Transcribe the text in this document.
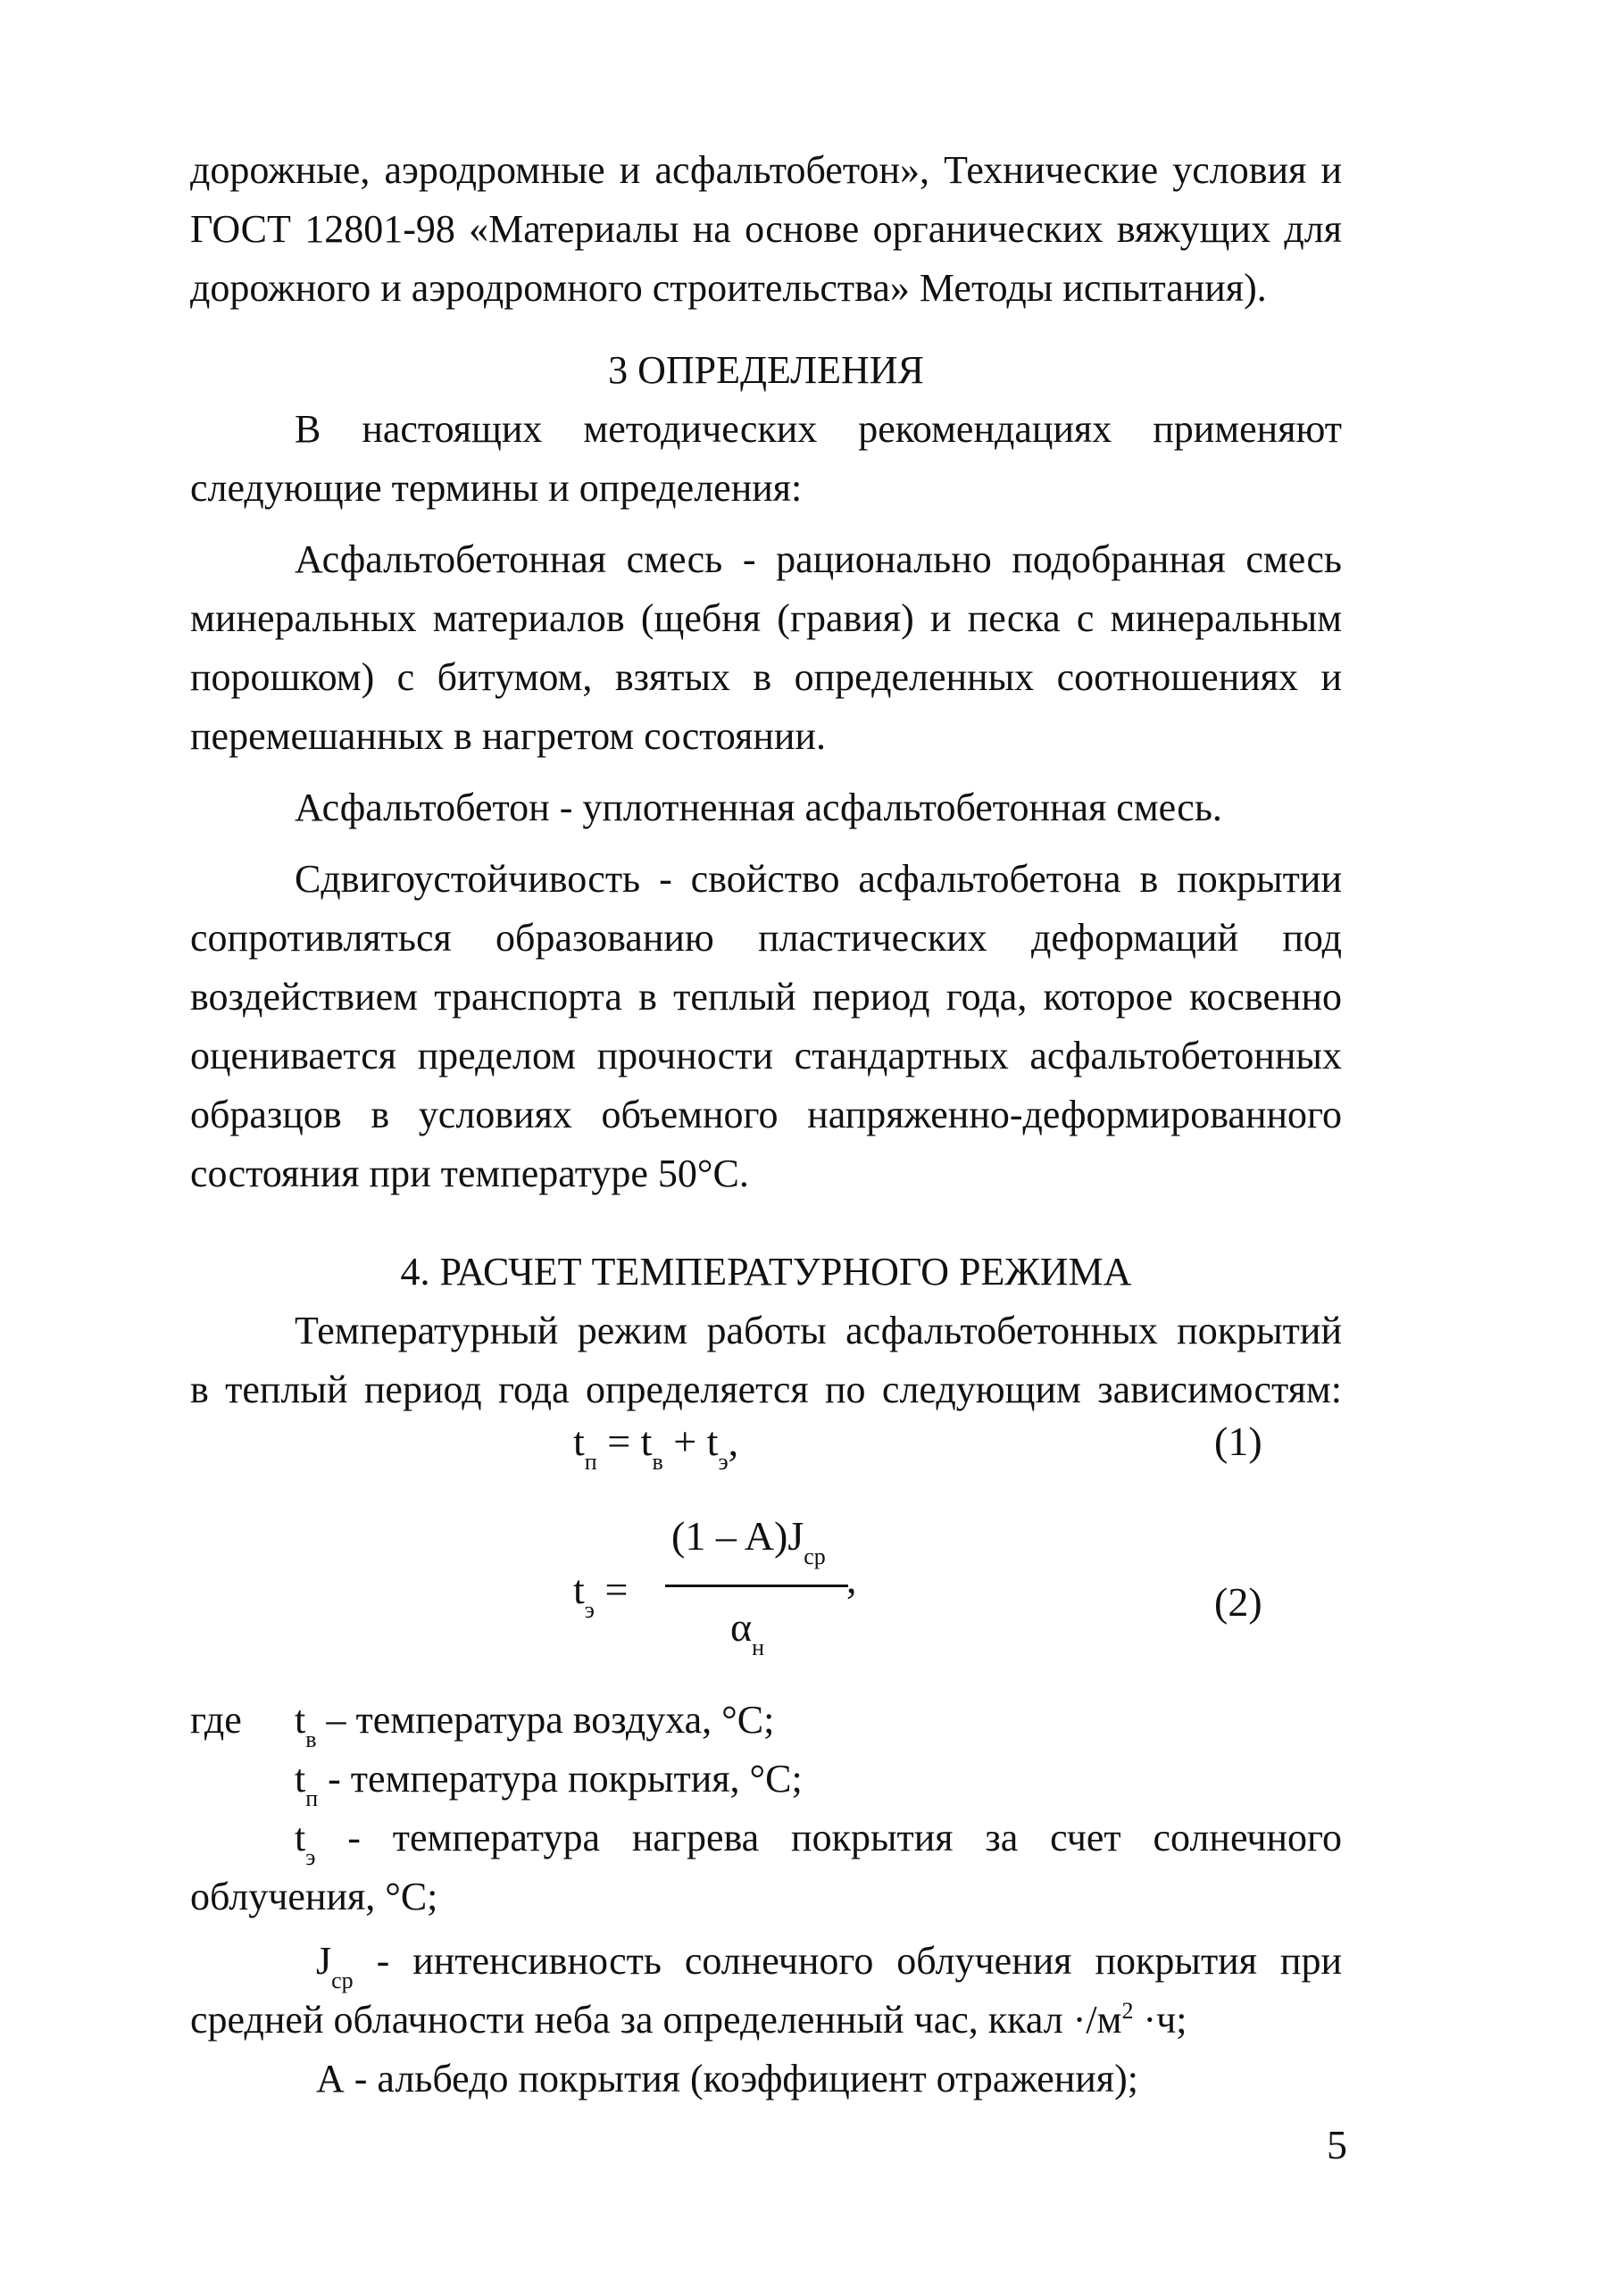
дорожные, аэродромные и асфальтобетон», Технические условия и
ГОСТ 12801-98 «Материалы на основе органических вяжущих для
дорожного и аэродромного строительства» Методы испытания).
3 ОПРЕДЕЛЕНИЯ
В настоящих методических рекомендациях применяют
следующие термины и определения:
Асфальтобетонная смесь - рационально подобранная смесь
минеральных материалов (щебня (гравия) и песка с минеральным
порошком) с битумом, взятых в определенных соотношениях и
перемешанных в нагретом состоянии.
Асфальтобетон - уплотненная асфальтобетонная смесь.
Сдвигоустойчивость - свойство асфальтобетона в покрытии
сопротивляться образованию пластических деформаций под
воздействием транспорта в теплый период года, которое косвенно
оценивается пределом прочности стандартных асфальтобетонных
образцов в условиях объемного напряженно-деформированного
состояния при температуре 50°С.
4. РАСЧЕТ ТЕМПЕРАТУРНОГО РЕЖИМА
Температурный режим работы асфальтобетонных покрытий
в теплый период года определяется по следующим зависимостям:
$t_п = t_в + t_э$,	(1)
$t_э$ =
$(1 - A)J_{ср}$
$\alpha_н$
,
(2)
где	$t_в$ – температура воздуха, °С;
$t_п$ - температура покрытия, °С;
$t_э$ - температура нагрева покрытия за счет солнечного
облучения, °С;
$J_{ср}$ - интенсивность солнечного облучения покрытия при
средней облачности неба за определенный час, ккал $\cdot/м^2 \cdot ч$;
А - альбедо покрытия (коэффициент отражения);
5
